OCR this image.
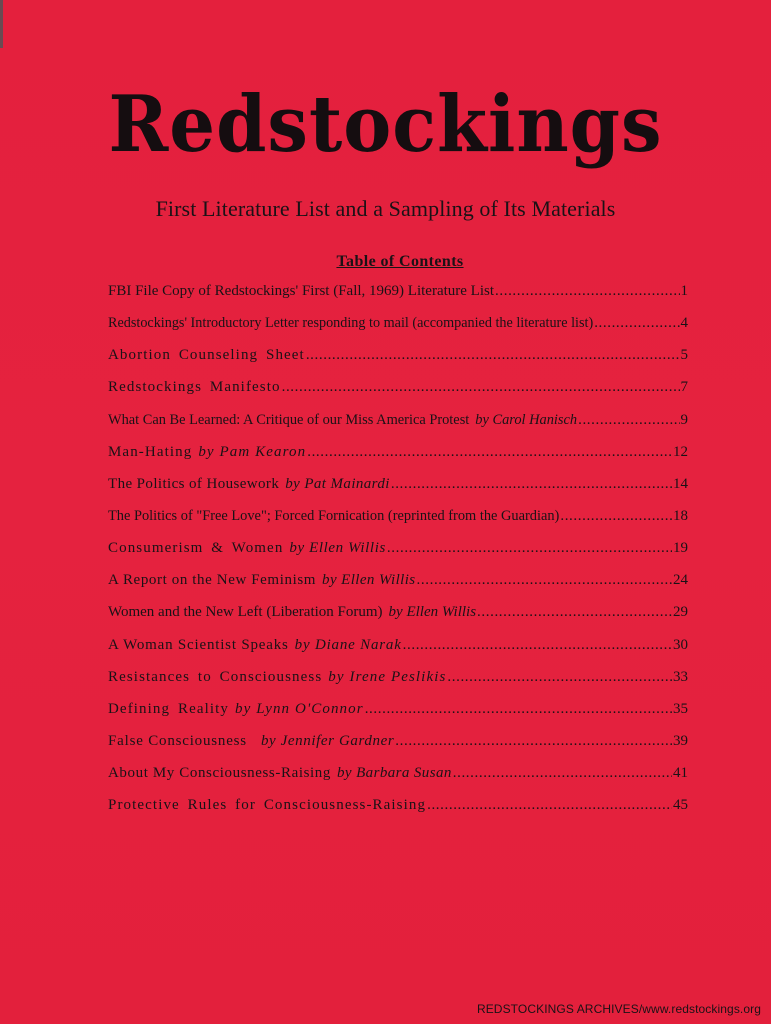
Redstockings
First Literature List and a Sampling of Its Materials
Table of Contents
FBI File Copy of Redstockings' First (Fall, 1969) Literature List .....	1
Redstockings' Introductory Letter responding to mail (accompanied the literature list) .....	4
Abortion Counseling Sheet .....	5
Redstockings Manifesto .....	7
What Can Be Learned: A Critique of our Miss America Protest by Carol Hanisch .....	9
Man-Hating by Pam Kearon .....	12
The Politics of Housework by Pat Mainardi .....	14
The Politics of "Free Love"; Forced Fornication (reprinted from the Guardian) .....	18
Consumerism & Women by Ellen Willis .....	19
A Report on the New Feminism by Ellen Willis .....	24
Women and the New Left (Liberation Forum) by Ellen Willis .....	29
A Woman Scientist Speaks by Diane Narak .....	30
Resistances to Consciousness by Irene Peslikis .....	33
Defining Reality by Lynn O'Connor .....	35
False Consciousness by Jennifer Gardner .....	39
About My Consciousness-Raising by Barbara Susan .....	41
Protective Rules for Consciousness-Raising .....	45
REDSTOCKINGS ARCHIVES/www.redstockings.org
